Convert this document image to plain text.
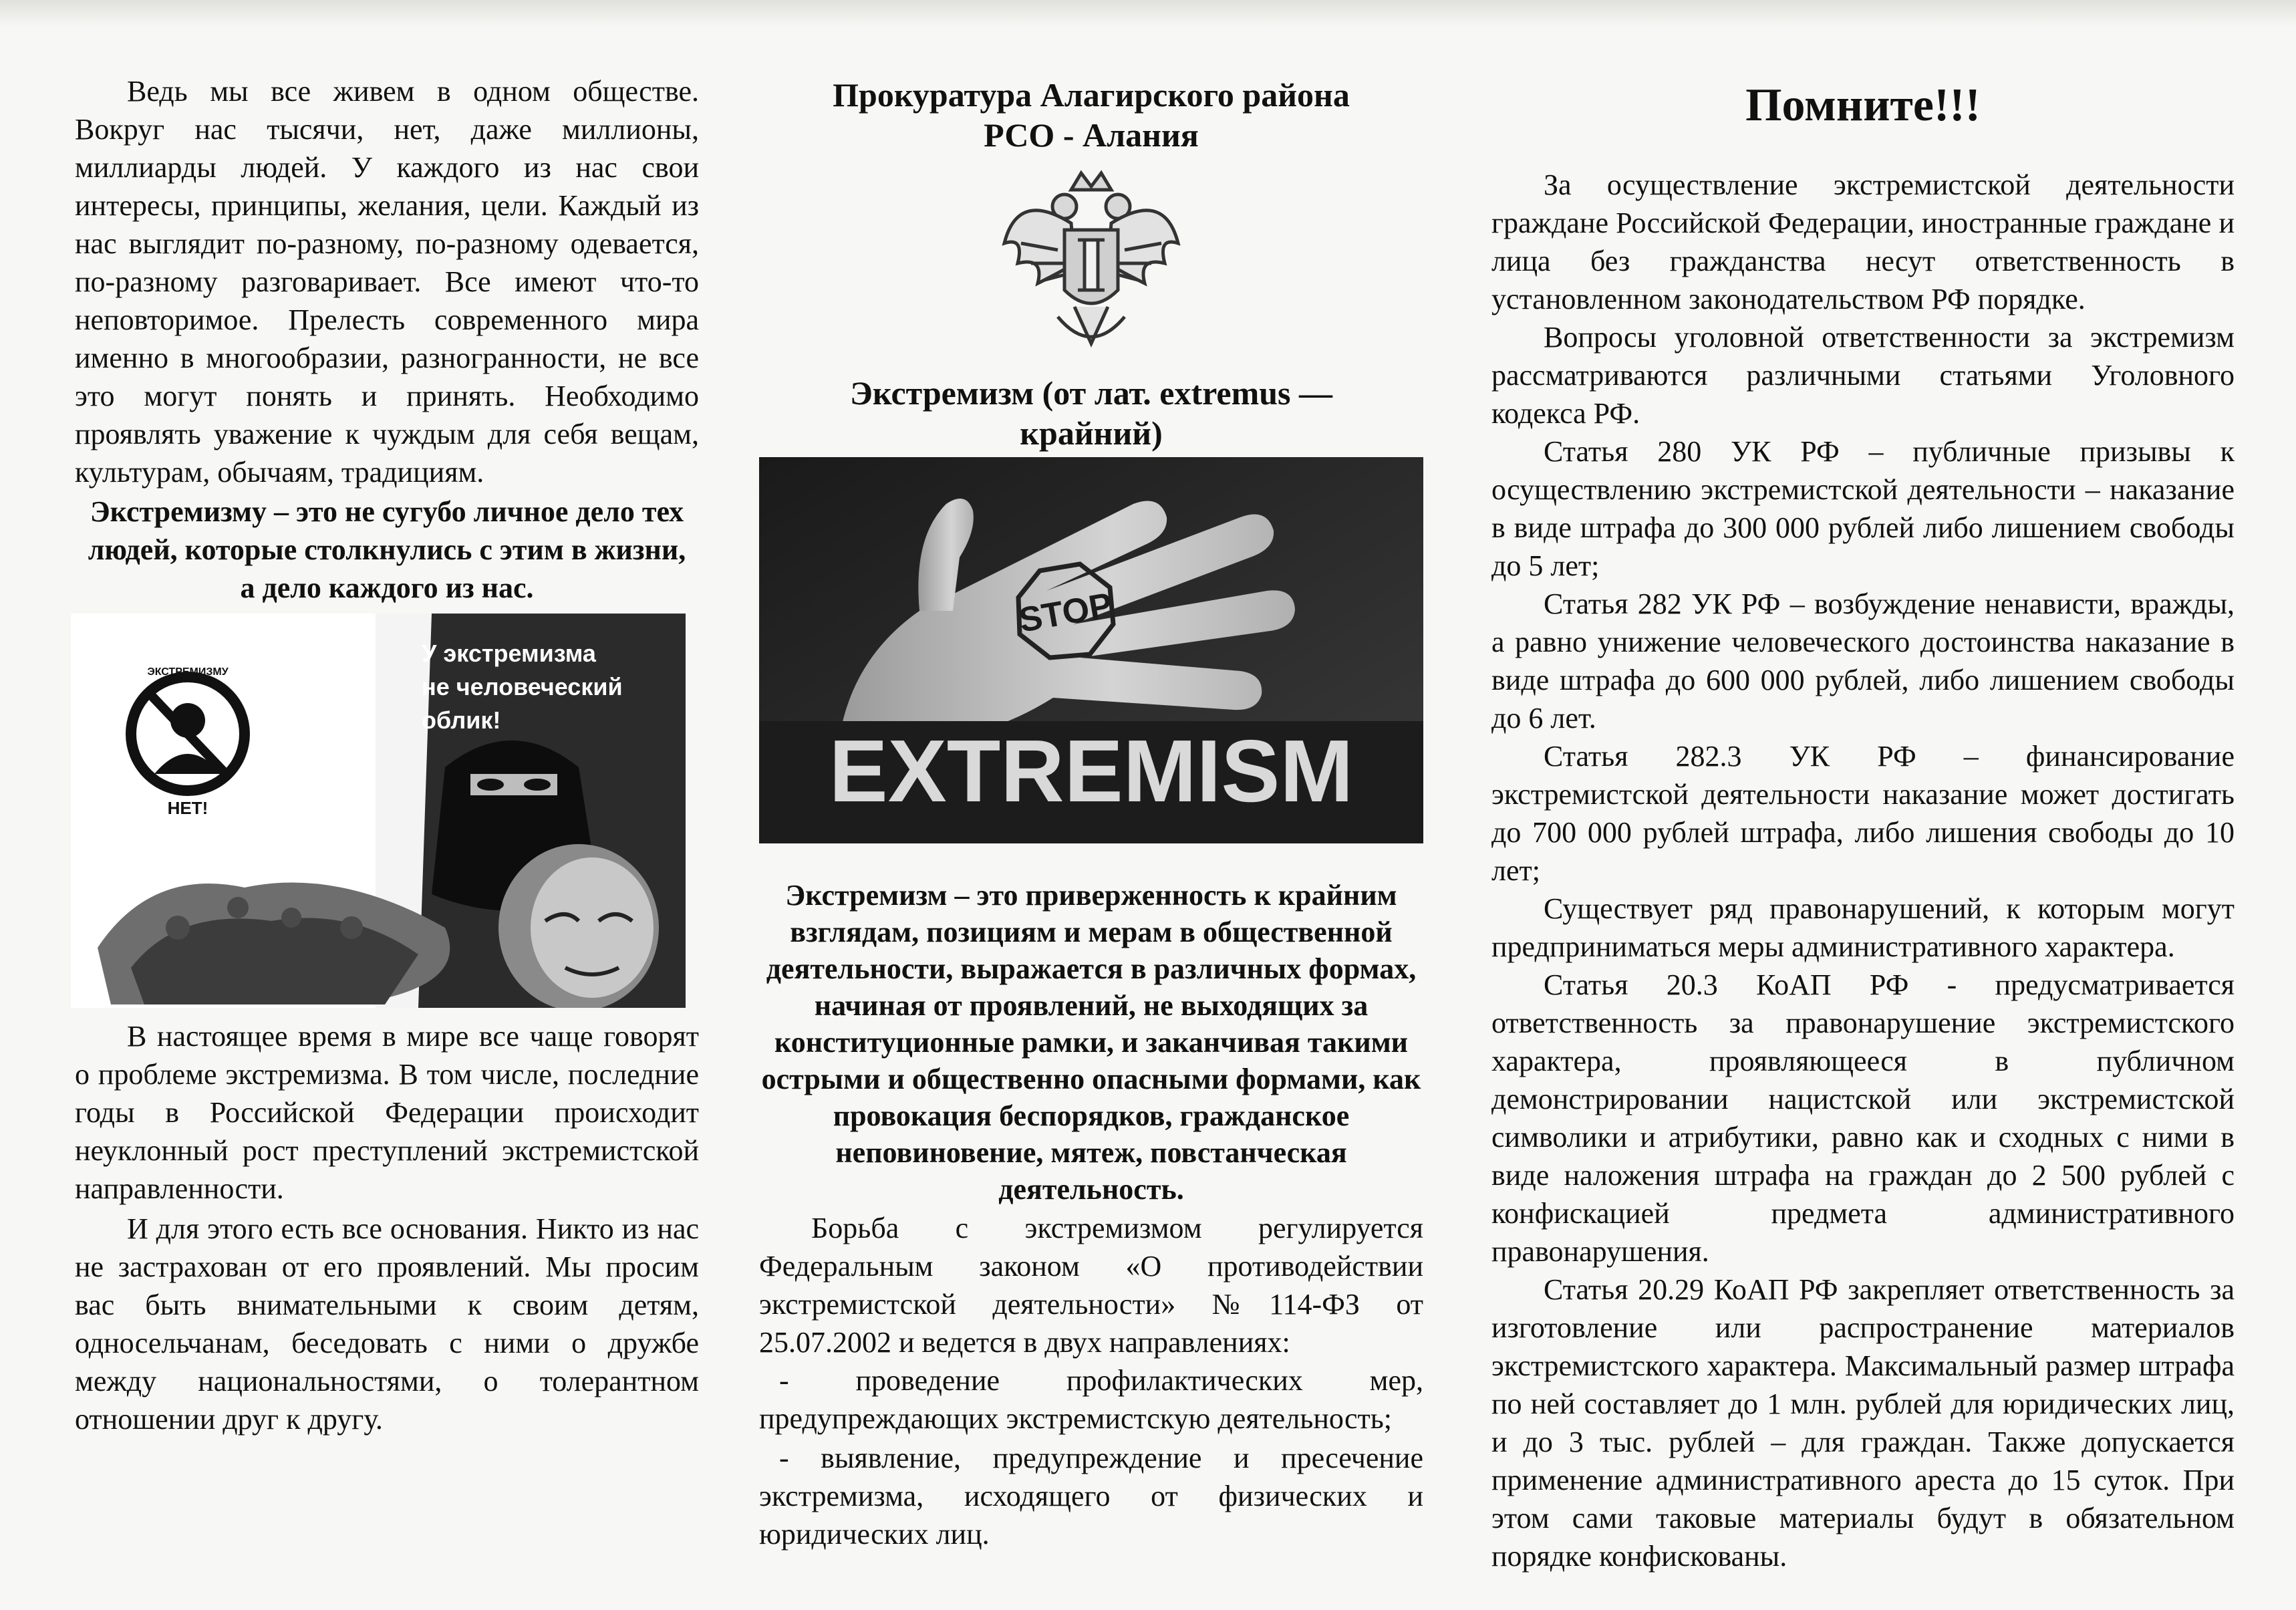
Ведь мы все живем в одном обществе. Вокруг нас тысячи, нет, даже миллионы, миллиарды людей. У каждого из нас свои интересы, принципы, желания, цели. Каждый из нас выглядит по-разному, по-разному одевается, по-разному разговаривает. Все имеют что-то неповторимое. Прелесть современного мира именно в многообразии, разногранности, не все это могут понять и принять. Необходимо проявлять уважение к чуждым для себя вещам, культурам, обычаям, традициям.

Экстремизму – это не сугубо личное дело тех людей, которые столкнулись с этим в жизни, а дело каждого из нас.

У экстремизма
не человеческий
облик!
ЭКСТРЕМИЗМУ
НЕТ!

В настоящее время в мире все чаще говорят о проблеме экстремизма. В том числе, последние годы в Российской Федерации происходит неуклонный рост преступлений экстремистской направленности.

И для этого есть все основания. Никто из нас не застрахован от его проявлений. Мы просим вас быть внимательными к своим детям, односельчанам, беседовать с ними о дружбе между национальностями, о толерантном отношении друг к другу.

Прокуратура Алагирского района

РСО - Алания

Экстремизм (от лат. extremus — крайний)

STOP
EXTREMISM

Экстремизм – это приверженность к крайним взглядам, позициям и мерам в общественной деятельности, выражается в различных формах, начиная от проявлений, не выходящих за конституционные рамки, и заканчивая такими острыми и общественно опасными формами, как провокация беспорядков, гражданское неповиновение, мятеж, повстанческая деятельность.

Борьба с экстремизмом регулируется Федеральным законом «О противодействии экстремистской деятельности» №114-ФЗ от 25.07.2002 и ведется в двух направлениях:

- проведение профилактических мер, предупреждающих экстремистскую деятельность;

- выявление, предупреждение и пресечение экстремизма, исходящего от физических и юридических лиц.

Помните!!!

За осуществление экстремистской деятельности граждане Российской Федерации, иностранные граждане и лица без гражданства несут ответственность в установленном законодательством РФ порядке.

Вопросы уголовной ответственности за экстремизм рассматриваются различными статьями Уголовного кодекса РФ.

Статья 280 УК РФ – публичные призывы к осуществлению экстремистской деятельности – наказание в виде штрафа до 300 000 рублей либо лишением свободы до 5 лет;

Статья 282 УК РФ – возбуждение ненависти, вражды, а равно унижение человеческого достоинства наказание в виде штрафа до 600 000 рублей, либо лишением свободы до 6 лет.

Статья 282.3 УК РФ – финансирование экстремистской деятельности наказание может достигать до 700 000 рублей штрафа, либо лишения свободы до 10 лет;

Существует ряд правонарушений, к которым могут предприниматься меры административного характера.

Статья 20.3 КоАП РФ - предусматривается ответственность за правонарушение экстремистского характера, проявляющееся в публичном демонстрировании нацистской или экстремистской символики и атрибутики, равно как и сходных с ними в виде наложения штрафа на граждан до 2 500 рублей с конфискацией предмета административного правонарушения.

Статья 20.29 КоАП РФ закрепляет ответственность за изготовление или распространение материалов экстремистского характера. Максимальный размер штрафа по ней составляет до 1 млн. рублей для юридических лиц, и до 3 тыс. рублей – для граждан. Также допускается применение административного ареста до 15 суток. При этом сами таковые материалы будут в обязательном порядке конфискованы.
